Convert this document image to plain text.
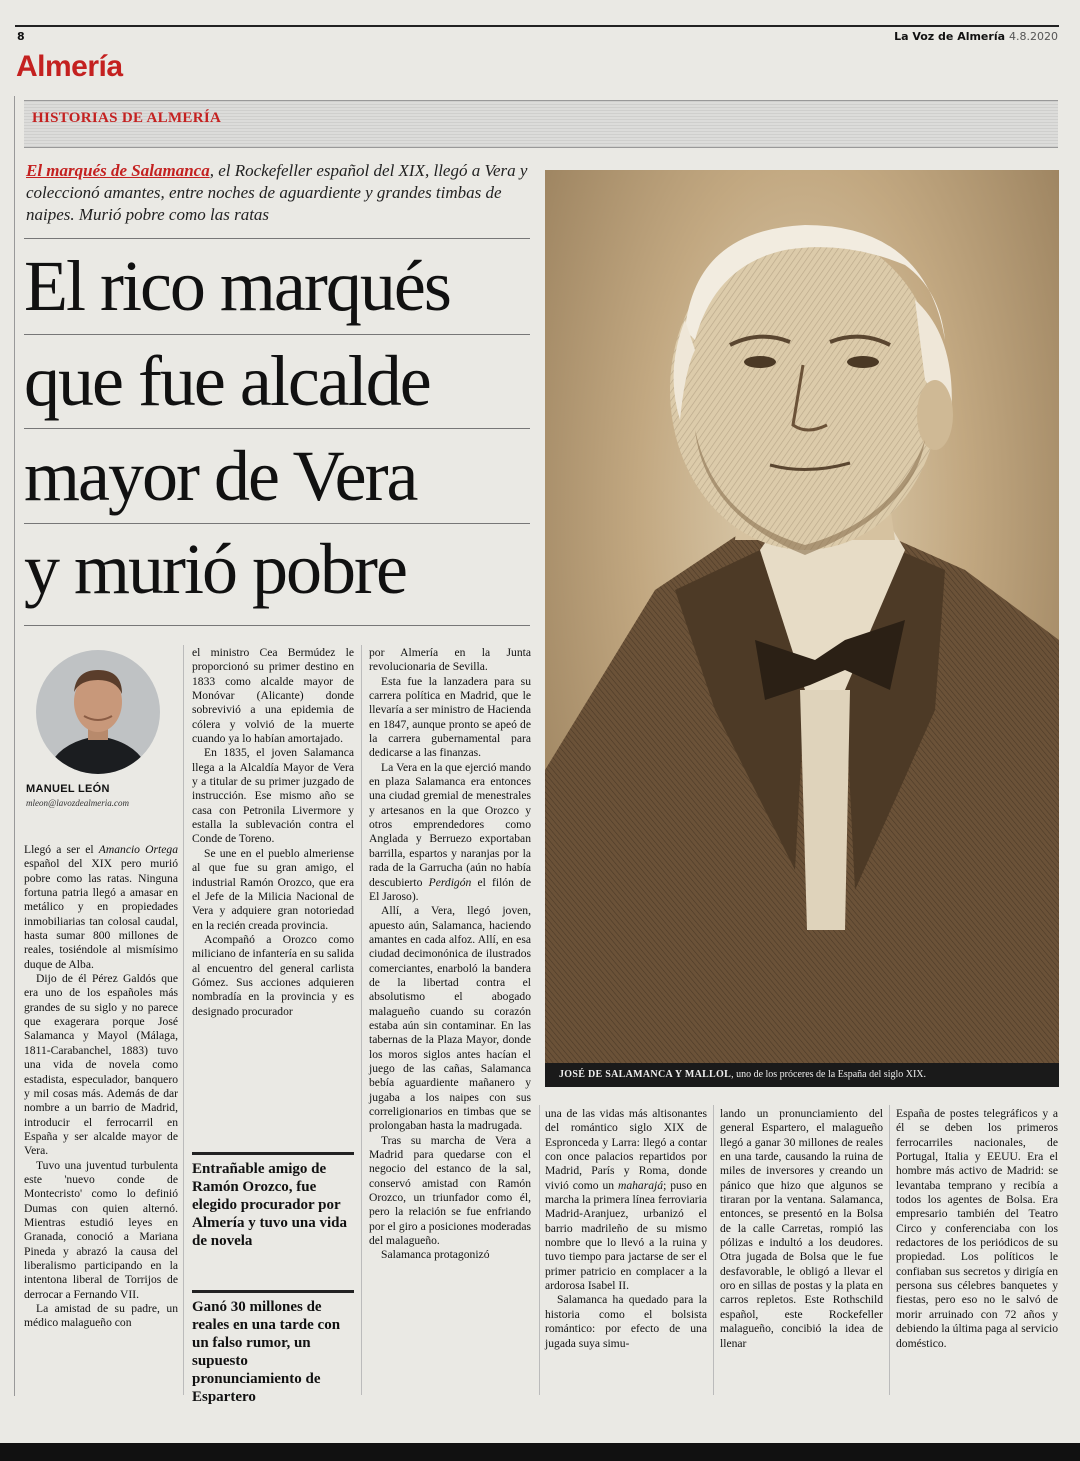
8	La Voz de Almería 4.8.2020
Almería
HISTORIAS DE ALMERÍA
El marqués de Salamanca, el Rockefeller español del XIX, llegó a Vera y coleccionó amantes, entre noches de aguardiente y grandes timbas de naipes. Murió pobre como las ratas
El rico marqués
que fue alcalde
mayor de Vera
y murió pobre
JOSÉ DE SALAMANCA Y MALLOL, uno de los próceres de la España del siglo XIX.
MANUEL LEÓN
mleon@lavozdealmeria.com

Llegó a ser el Amancio Ortega español del XIX pero murió pobre como las ratas. Ninguna fortuna patria llegó a amasar en metálico y en propiedades inmobiliarias tan colosal caudal, hasta sumar 800 millones de reales, tosiéndole al mismísimo duque de Alba.

Dijo de él Pérez Galdós que era uno de los españoles más grandes de su siglo y no parece que exagerara porque José Salamanca y Mayol (Málaga, 1811-Carabanchel, 1883) tuvo una vida de novela como estadista, especulador, banquero y mil cosas más. Además de dar nombre a un barrio de Madrid, introducir el ferrocarril en España y ser alcalde mayor de Vera.

Tuvo una juventud turbulenta este 'nuevo conde de Montecristo' como lo definió Dumas con quien alternó. Mientras estudió leyes en Granada, conoció a Mariana Pineda y abrazó la causa del liberalismo participando en la intentona liberal de Torrijos de derrocar a Fernando VII.

La amistad de su padre, un médico malagueño con

el ministro Cea Bermúdez le proporcionó su primer destino en 1833 como alcalde mayor de Monóvar (Alicante) donde sobrevivió a una epidemia de cólera y volvió de la muerte cuando ya lo habían amortajado.

En 1835, el joven Salamanca llega a la Alcaldía Mayor de Vera y a titular de su primer juzgado de instrucción. Ese mismo año se casa con Petronila Livermore y estalla la sublevación contra el Conde de Toreno.

Se une en el pueblo almeriense al que fue su gran amigo, el industrial Ramón Orozco, que era el Jefe de la Milicia Nacional de Vera y adquiere gran notoriedad en la recién creada provincia.

Acompañó a Orozco como miliciano de infantería en su salida al encuentro del general carlista Gómez. Sus acciones adquieren nombradía en la provincia y es designado procurador

Entrañable amigo de Ramón Orozco, fue elegido procurador por Almería y tuvo una vida de novela
Ganó 30 millones de reales en una tarde con un falso rumor, un supuesto pronunciamiento de Espartero

por Almería en la Junta revolucionaria de Sevilla.

Esta fue la lanzadera para su carrera política en Madrid, que le llevaría a ser ministro de Hacienda en 1847, aunque pronto se apeó de la carrera gubernamental para dedicarse a las finanzas.

La Vera en la que ejerció mando en plaza Salamanca era entonces una ciudad gremial de menestrales y artesanos en la que Orozco y otros emprendedores como Anglada y Berruezo exportaban barrilla, espartos y naranjas por la rada de la Garrucha (aún no había descubierto Perdigón el filón de El Jaroso).

Allí, a Vera, llegó joven, apuesto aún, Salamanca, haciendo amantes en cada alfoz. Allí, en esa ciudad decimonónica de ilustrados comerciantes, enarboló la bandera de la libertad contra el absolutismo el abogado malagueño cuando su corazón estaba aún sin contaminar. En las tabernas de la Plaza Mayor, donde los moros siglos antes hacían el juego de las cañas, Salamanca bebía aguardiente mañanero y jugaba a los naipes con sus correligionarios en timbas que se prolongaban hasta la madrugada.

Tras su marcha de Vera a Madrid para quedarse con el negocio del estanco de la sal, conservó amistad con Ramón Orozco, un triunfador como él, pero la relación se fue enfriando por el giro a posiciones moderadas del malagueño.

Salamanca protagonizó

una de las vidas más altisonantes del romántico siglo XIX de Espronceda y Larra: llegó a contar con once palacios repartidos por Madrid, París y Roma, donde vivió como un maharajá; puso en marcha la primera línea ferroviaria Madrid-Aranjuez, urbanizó el barrio madrileño de su mismo nombre que lo llevó a la ruina y tuvo tiempo para jactarse de ser el primer patricio en complacer a la ardorosa Isabel II.

Salamanca ha quedado para la historia como el bolsista romántico: por efecto de una jugada suya simu-

lando un pronunciamiento del general Espartero, el malagueño llegó a ganar 30 millones de reales en una tarde, causando la ruina de miles de inversores y creando un pánico que hizo que algunos se tiraran por la ventana. Salamanca, entonces, se presentó en la Bolsa de la calle Carretas, rompió las pólizas e indultó a los deudores. Otra jugada de Bolsa que le fue desfavorable, le obligó a llevar el oro en sillas de postas y la plata en carros repletos. Este Rothschild español, este Rockefeller malagueño, concibió la idea de llenar

España de postes telegráficos y a él se deben los primeros ferrocarriles nacionales, de Portugal, Italia y EEUU. Era el hombre más activo de Madrid: se levantaba temprano y recibía a todos los agentes de Bolsa. Era empresario también del Teatro Circo y conferenciaba con los redactores de los periódicos de su propiedad. Los políticos le confiaban sus secretos y dirigía en persona sus célebres banquetes y fiestas, pero eso no le salvó de morir arruinado con 72 años y debiendo la última paga al servicio doméstico.
